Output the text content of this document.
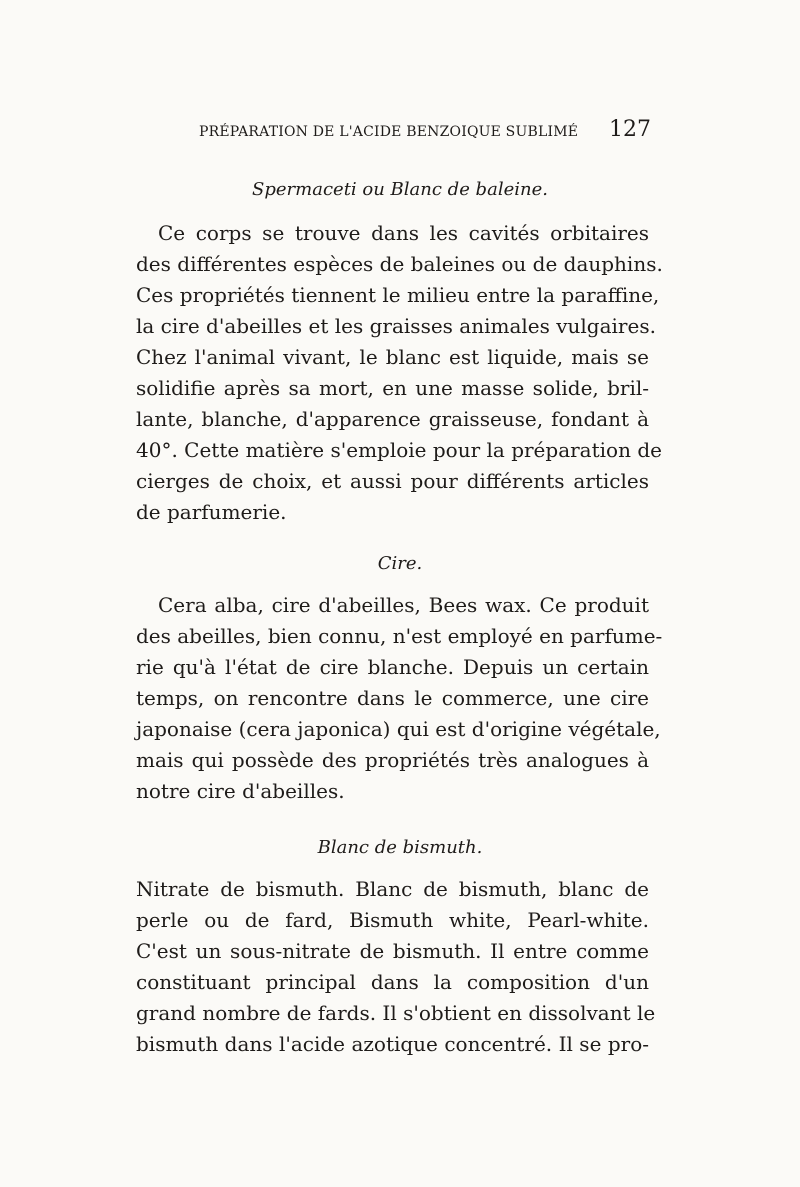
PRÉPARATION DE L'ACIDE BENZOIQUE SUBLIMÉ 127
Spermaceti ou Blanc de baleine.
Ce corps se trouve dans les cavités orbitaires
des différentes espèces de baleines ou de dauphins.
Ces propriétés tiennent le milieu entre la paraffine,
la cire d'abeilles et les graisses animales vulgaires.
Chez l'animal vivant, le blanc est liquide, mais se
solidifie après sa mort, en une masse solide, bril-
lante, blanche, d'apparence graisseuse, fondant à
40°. Cette matière s'emploie pour la préparation de
cierges de choix, et aussi pour différents articles
de parfumerie.
Cire.
Cera alba, cire d'abeilles, Bees wax. Ce produit
des abeilles, bien connu, n'est employé en parfume-
rie qu'à l'état de cire blanche. Depuis un certain
temps, on rencontre dans le commerce, une cire
japonaise (cera japonica) qui est d'origine végétale,
mais qui possède des propriétés très analogues à
notre cire d'abeilles.
Blanc de bismuth.
Nitrate de bismuth. Blanc de bismuth, blanc de
perle ou de fard, Bismuth white, Pearl-white.
C'est un sous-nitrate de bismuth. Il entre comme
constituant principal dans la composition d'un
grand nombre de fards. Il s'obtient en dissolvant le
bismuth dans l'acide azotique concentré. Il se pro-
